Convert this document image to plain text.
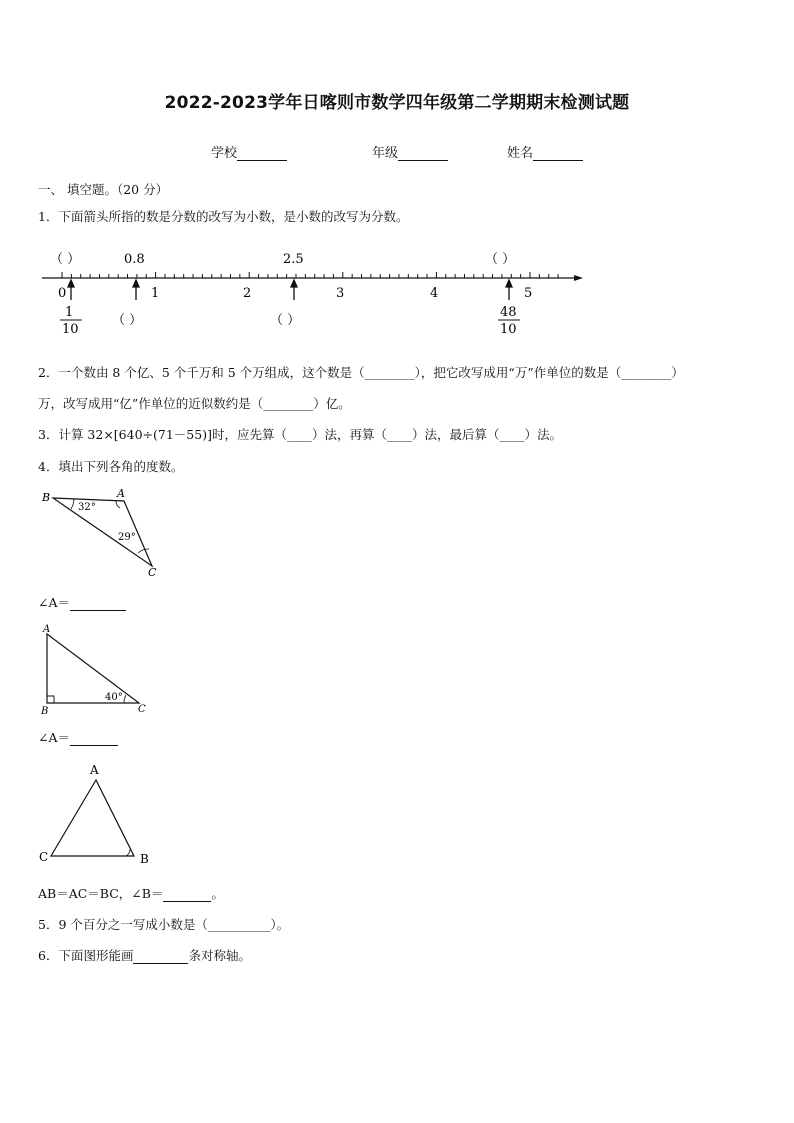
2022-2023学年日喀则市数学四年级第二学期期末检测试题
学校	年级	姓名
一、 填空题。（20 分）
1．下面箭头所指的数是分数的改写为小数，是小数的改写为分数。
（ ）	0.8	2.5	（ ）
0	1	2	3	4	5
1
10
（ ）	（ ）
48
10
2．一个数由 8 个亿、5 个千万和 5 个万组成，这个数是（________），把它改写成用“万”作单位的数是（________）
万，改写成用“亿”作单位的近似数约是（________）亿。
3．计算 32×[640÷(71－55)]时，应先算（____）法，再算（____）法，最后算（____）法。
4．填出下列各角的度数。
B	A
C
32°
29°
∠A＝
A
B	C
40°
∠A＝
A
C	B
AB＝AC＝BC，∠B＝	。
5．9 个百分之一写成小数是（__________）。
6．下面图形能画	条对称轴。
